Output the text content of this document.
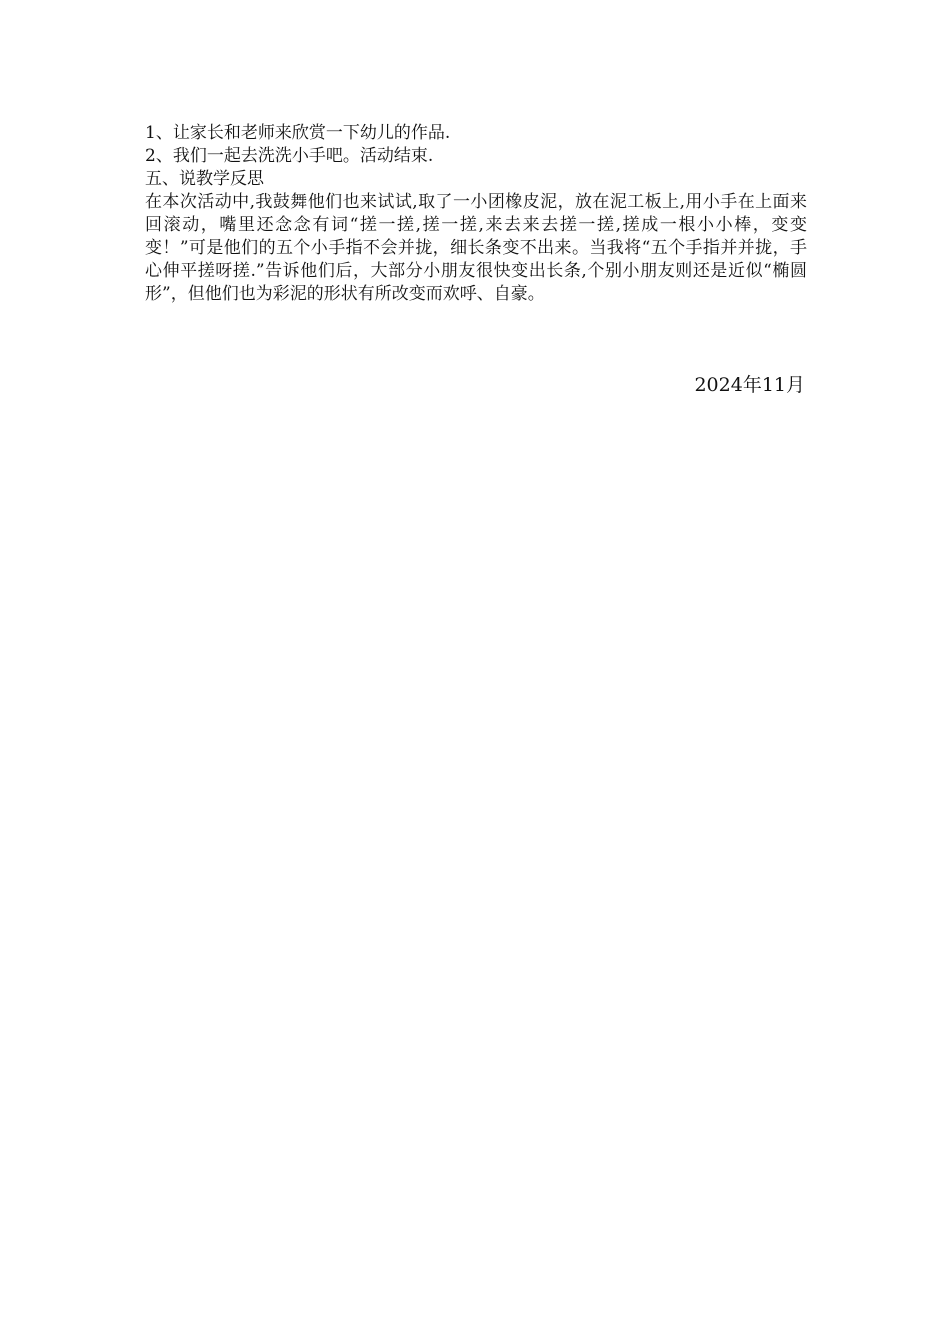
1、让家长和老师来欣赏一下幼儿的作品.

2、我们一起去洗洗小手吧。活动结束.

五、说教学反思

在本次活动中,我鼓舞他们也来试试,取了一小团橡皮泥，放在泥工板上,用小手在上面来回滚动，嘴里还念念有词“搓一搓,搓一搓,来去来去搓一搓,搓成一根小小棒，变变变！”可是他们的五个小手指不会并拢，细长条变不出来。当我将“五个手指并并拢，手心伸平搓呀搓.”告诉他们后，大部分小朋友很快变出长条,个别小朋友则还是近似“椭圆形”，但他们也为彩泥的形状有所改变而欢呼、自豪。

2024年11月
